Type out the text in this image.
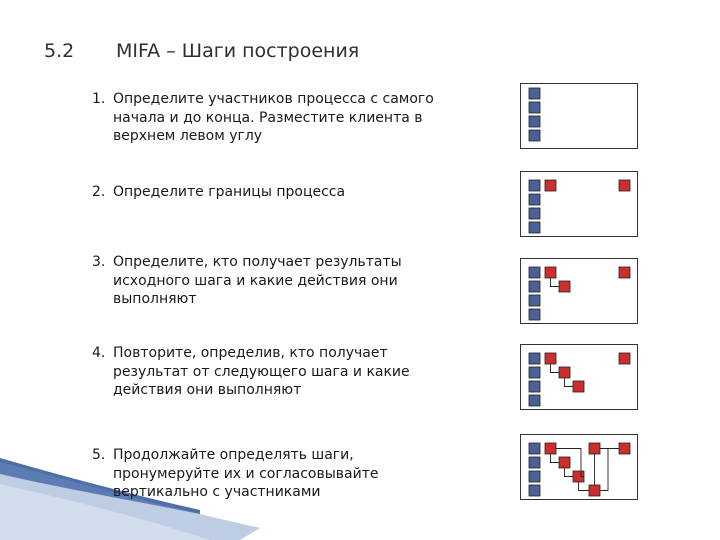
5.2 MIFA – Шаги построения
1. Определите участников процесса с самого
начала и до конца. Разместите клиента в
верхнем левом углу
2. Определите границы процесса
3. Определите, кто получает результаты
исходного шага и какие действия они
выполняют
4. Повторите, определив, кто получает
результат от следующего шага и какие
действия они выполняют
5. Продолжайте определять шаги,
пронумеруйте их и согласовывайте
вертикально с участниками
